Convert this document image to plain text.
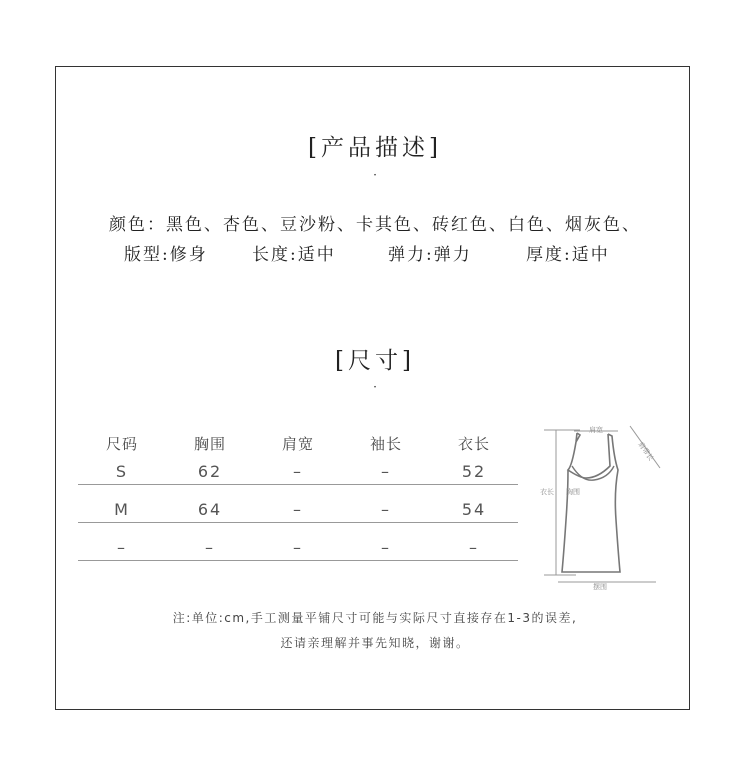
[产品描述]
·
颜色：黑色、杏色、豆沙粉、卡其色、砖红色、白色、烟灰色、
版型:修身	长度:适中	弹力:弹力	厚度:适中
[尺寸]
·
尺码	胸围	肩宽	袖长	衣长
S	62	–	–	52

M	64	–	–	54

–	–	–	–	–
肩宽
肩带长
衣长 胸围
摆围
注:单位:cm,手工测量平铺尺寸可能与实际尺寸直接存在1-3的误差,
还请亲理解并事先知晓，谢谢。
